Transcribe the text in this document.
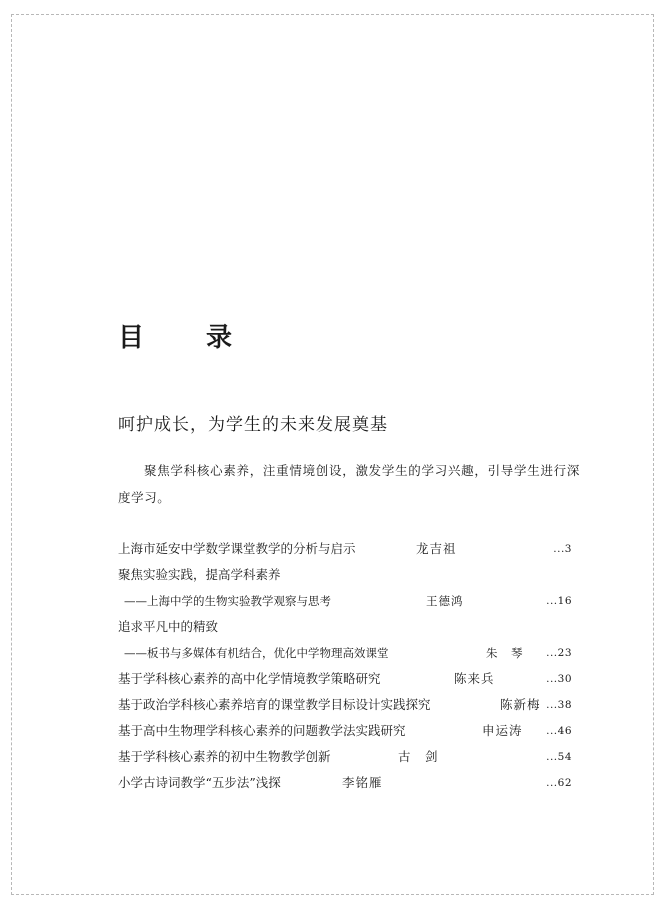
目　录
呵护成长，为学生的未来发展奠基

聚焦学科核心素养，注重情境创设，激发学生的学习兴趣，引导学生进行深度学习。

上海市延安中学数学课堂教学的分析与启示	龙吉祖	...3
聚焦实验实践，提高学科素养
——上海中学的生物实验教学观察与思考	王德鸿	...16
追求平凡中的精致
——板书与多媒体有机结合，优化中学物理高效课堂	朱　琴 ...23
基于学科核心素养的高中化学情境教学策略研究	陈来兵	...30
基于政治学科核心素养培育的课堂教学目标设计实践探究	陈新梅 ...38
基于高中生物理学科核心素养的问题教学法实践研究	申运涛 ...46
基于学科核心素养的初中生物教学创新	古　剑	...54
小学古诗词教学“五步法”浅探	李铭雁	...62
